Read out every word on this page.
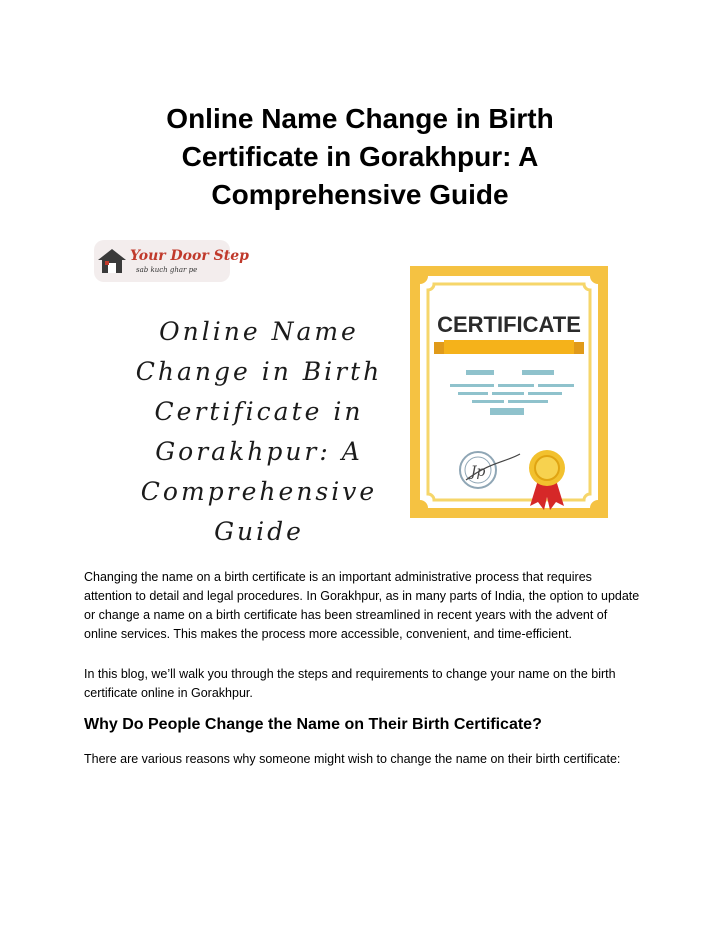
Online Name Change in Birth Certificate in Gorakhpur: A Comprehensive Guide
Your Door Step
sab kuch ghar pe

Online Name Change in Birth Certificate in Gorakhpur: A Comprehensive Guide

CERTIFICATE
Jp

Changing the name on a birth certificate is an important administrative process that requires attention to detail and legal procedures. In Gorakhpur, as in many parts of India, the option to update or change a name on a birth certificate has been streamlined in recent years with the advent of online services. This makes the process more accessible, convenient, and time-efficient.

In this blog, we’ll walk you through the steps and requirements to change your name on the birth certificate online in Gorakhpur.

Why Do People Change the Name on Their Birth Certificate?

There are various reasons why someone might wish to change the name on their birth certificate:
